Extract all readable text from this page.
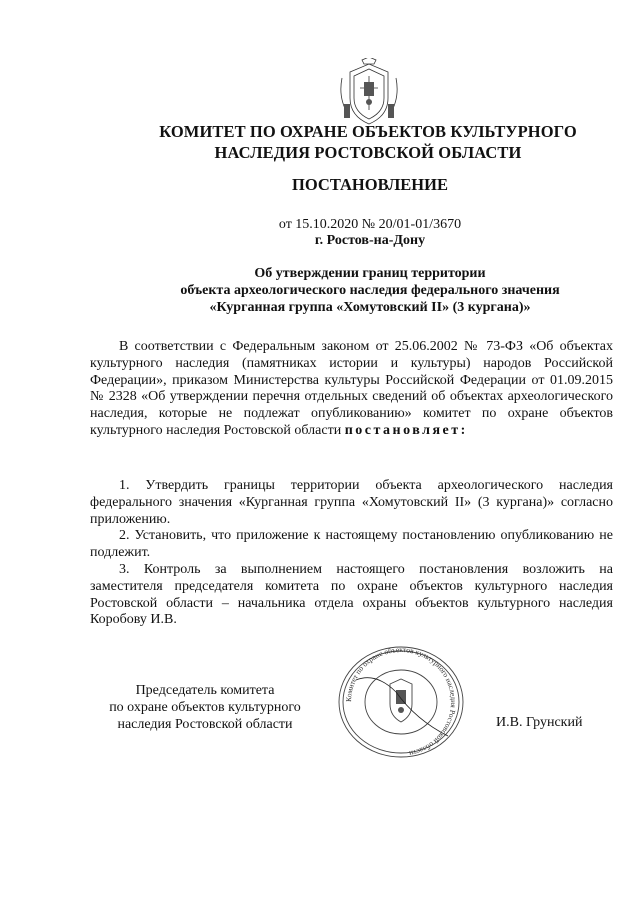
КОМИТЕТ ПО ОХРАНЕ ОБЪЕКТОВ КУЛЬТУРНОГО
НАСЛЕДИЯ РОСТОВСКОЙ ОБЛАСТИ
ПОСТАНОВЛЕНИЕ
от 15.10.2020 № 20/01-01/3670
г. Ростов-на-Дону
Об утверждении границ территории
объекта археологического наследия федерального значения
«Курганная группа «Хомутовский II» (3 кургана)»
В соответствии с Федеральным законом от 25.06.2002 № 73-ФЗ «Об объектах культурного наследия (памятниках истории и культуры) народов Российской Федерации», приказом Министерства культуры Российской Федерации от 01.09.2015 № 2328 «Об утверждении перечня отдельных сведений об объектах археологического наследия, которые не подлежат опубликованию» комитет по охране объектов культурного наследия Ростовской области постановляет:
1. Утвердить границы территории объекта археологического наследия федерального значения «Курганная группа «Хомутовский II» (3 кургана)» согласно приложению.
2. Установить, что приложение к настоящему постановлению опубликованию не подлежит.
3. Контроль за выполнением настоящего постановления возложить на заместителя председателя комитета по охране объектов культурного наследия Ростовской области – начальника отдела охраны объектов культурного наследия Коробову И.В.
Комитет по охране объектов культурного наследия Ростовской области
Председатель комитета
по охране объектов культурного
наследия Ростовской области	И.В. Грунский
